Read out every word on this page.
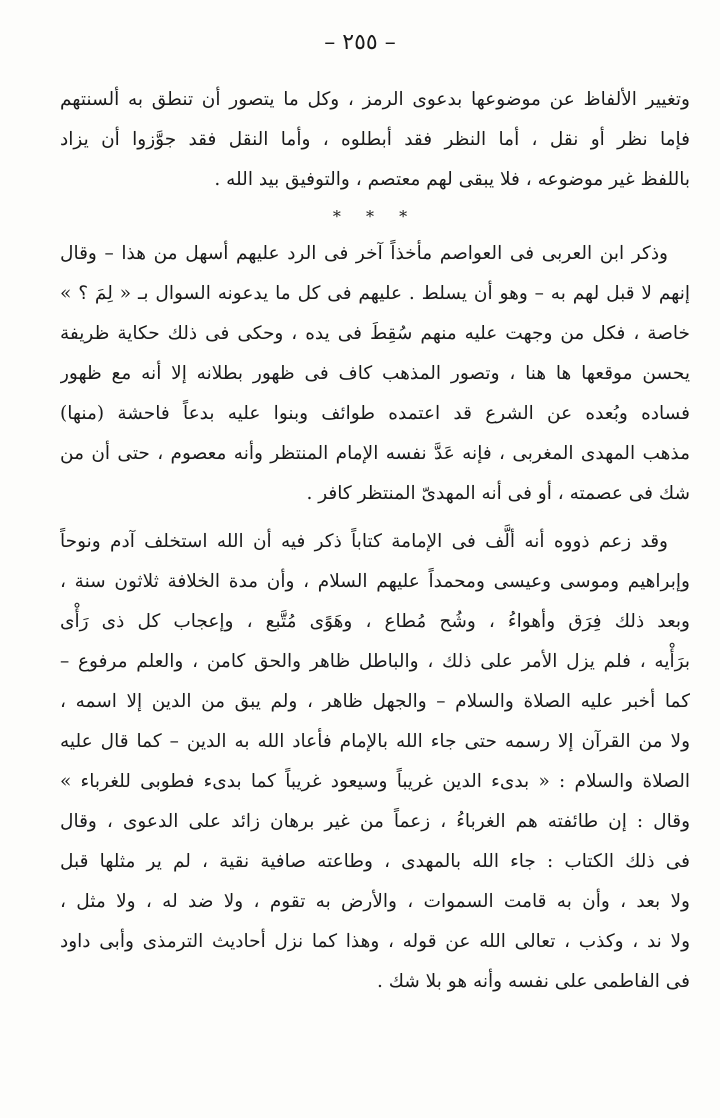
– ٢٥٥ –
وتغيير الألفاظ عن موضوعها بدعوى الرمز ، وكل ما يتصور أن تنطق به ألسنتهم
فإما نظر أو نقل ، أما النظر فقد أبطلوه ، وأما النقل فقد جوَّزوا أن يزاد
باللفظ غير موضوعه ، فلا يبقى لهم معتصم ، والتوفيق بيد الله .
* * *
وذكر ابن العربى فى العواصم مأخذاً آخر فى الرد عليهم أسهل من هذا – وقال
إنهم لا قبل لهم به – وهو أن يسلط . عليهم فى كل ما يدعونه السوال بـ « لِمَ ؟ »
خاصة ، فكل من وجهت عليه منهم سُقِطَ فى يده ، وحكى فى ذلك حكاية ظريفة
يحسن موقعها ها هنا ، وتصور المذهب كاف فى ظهور بطلانه إلا أنه مع ظهور
فساده وبُعده عن الشرع قد اعتمده طوائف وبنوا عليه بدعاً فاحشة (منها)
مذهب المهدى المغربى ، فإنه عَدَّ نفسه الإمام المنتظر وأنه معصوم ، حتى أن من
شك فى عصمته ، أو فى أنه المهدىّ المنتظر كافر .
وقد زعم ذووه أنه ألَّف فى الإمامة كتاباً ذكر فيه أن الله استخلف آدم ونوحاً
وإبراهيم وموسى وعيسى ومحمداً عليهم السلام ، وأن مدة الخلافة ثلاثون سنة ،
وبعد ذلك فِرَق وأهواءُ ، وشُح مُطاع ، وهَوًى مُتَّبع ، وإعجاب كل ذى رَأْى
برَأْيه ، فلم يزل الأمر على ذلك ، والباطل ظاهر والحق كامن ، والعلم مرفوع –
كما أخبر عليه الصلاة والسلام – والجهل ظاهر ، ولم يبق من الدين إلا اسمه ،
ولا من القرآن إلا رسمه حتى جاء الله بالإمام فأعاد الله به الدين – كما قال عليه
الصلاة والسلام : « بدىء الدين غريباً وسيعود غريباً كما بدىء فطوبى للغرباء »
وقال : إن طائفته هم الغرباءُ ، زعماً من غير برهان زائد على الدعوى ، وقال
فى ذلك الكتاب : جاء الله بالمهدى ، وطاعته صافية نقية ، لم ير مثلها قبل
ولا بعد ، وأن به قامت السموات ، والأرض به تقوم ، ولا ضد له ، ولا مثل ،
ولا ند ، وكذب ، تعالى الله عن قوله ، وهذا كما نزل أحاديث الترمذى وأبى داود
فى الفاطمى على نفسه وأنه هو بلا شك .
